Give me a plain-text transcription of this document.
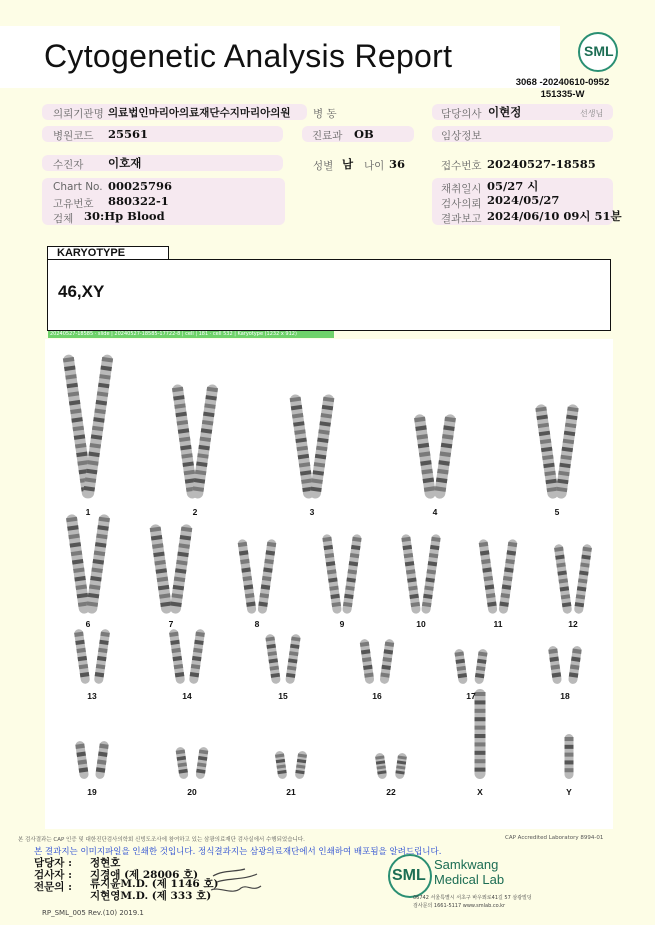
Cytogenetic Analysis Report	SML
3068 -20240610-0952
151335-W
의뢰기관명 의료법인마리아의료재단수지마리아의원 병 동	담당의사 이현정	선생님
병원코드 25561	진료과 OB	임상정보
수진자 이호재	성별 남 나이 36	접수번호 20240527-18585
Chart No. 00025796
고유번호 880322-1
검체 30:Hp Blood
채취일시 05/27 시
검사의뢰 2024/05/27
결과보고 2024/06/10 09시 51분
KARYOTYPE
46,XY
20240527-18585 · slide | 20240527-18585-17722-8 | cell | 181 · cell 532 | Karyotype (1232 x 912)
1	2	3	4	5
6	7	8	9	10	11	12
13	14	15	16	17	18
19	20	21	22	X	Y
본 검사결과는 CAP 인증 및 대한진단검사의학회 신빙도조사에 참여하고 있는 삼광의료재단 검사실에서 수행되었습니다.	CAP Accredited Laboratory 8994-01
본 결과지는 이미지파일을 인쇄한 것입니다. 정식결과지는 삼광의료재단에서 인쇄하여 배포됨을 알려드립니다.
담당자 : 정현호
검사자 : 지경애 (제 28006 호)
전문의 : 류지윤M.D. (제 1146 호)
지현영M.D. (제 333 호)
RP_SML_005 Rev.(10) 2019.1
SML
Samkwang
Medical Lab
06742 서울특별시 서초구 바우뫼로41길 57 삼광빌딩
검사문의 1661-5117 www.smlab.co.kr
